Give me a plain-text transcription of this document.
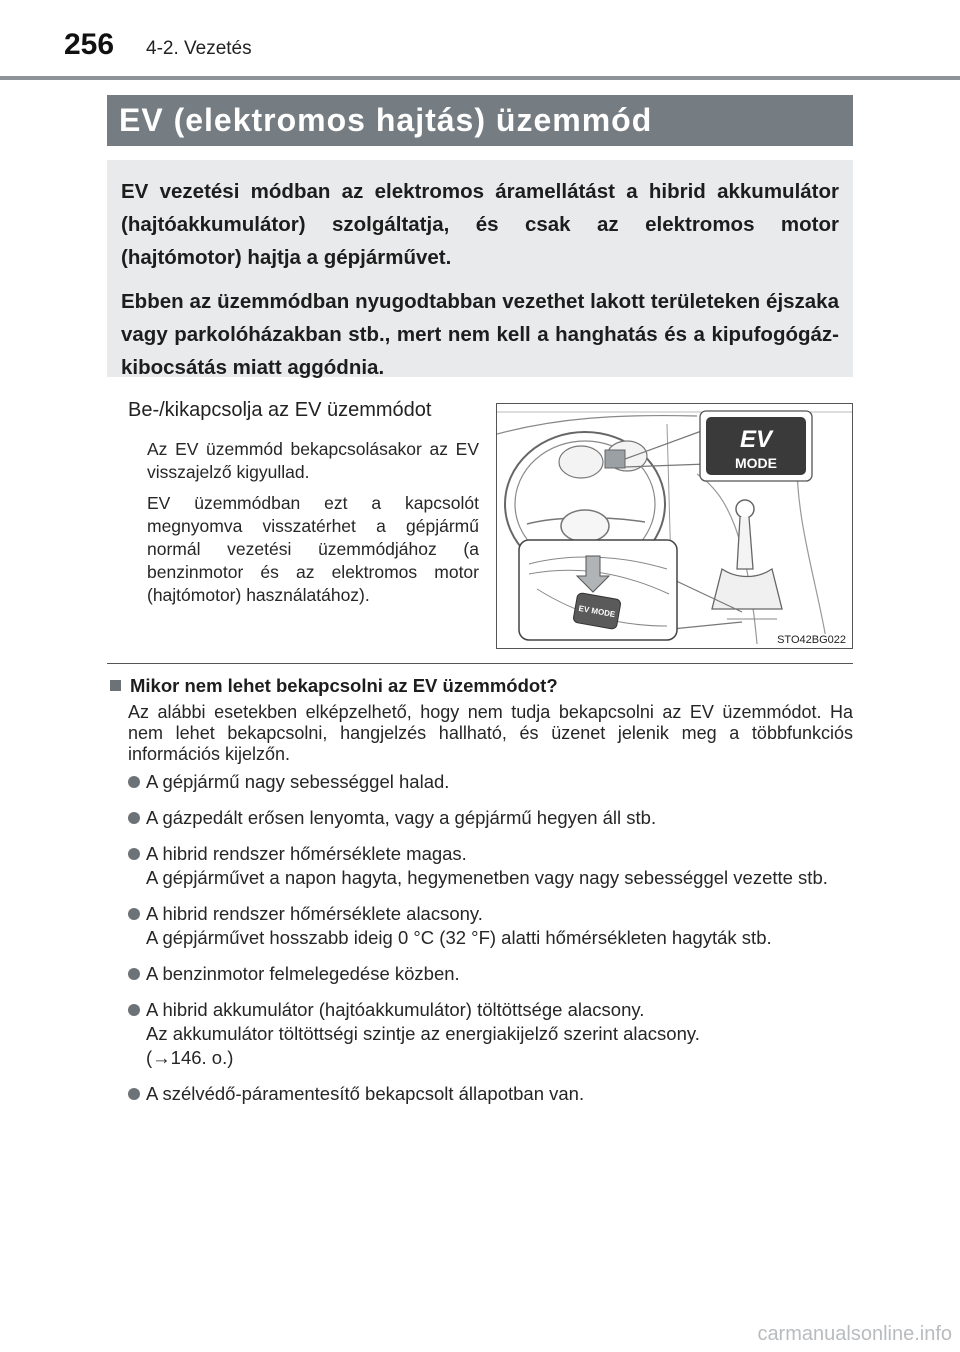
256 4-2. Vezetés
EV (elektromos hajtás) üzemmód

EV vezetési módban az elektromos áramellátást a hibrid akkumulátor (hajtóakkumulátor) szolgáltatja, és csak az elektromos motor (hajtómotor) hajtja a gépjárművet.

Ebben az üzemmódban nyugodtabban vezethet lakott területeken éjszaka vagy parkolóházakban stb., mert nem kell a hanghatás és a kipufogógáz-kibocsátás miatt aggódnia.

Be-/kikapcsolja az EV üzemmódot
Az EV üzemmód bekapcsolásakor az EV visszajelző kigyullad.
EV üzemmódban ezt a kapcsolót megnyomva visszatérhet a gépjármű normál vezetési üzemmódjához (a benzinmotor és az elektromos motor (hajtómotor) használatához).
EV
MODE
EV MODE
STO42BG022
Mikor nem lehet bekapcsolni az EV üzemmódot?
Az alábbi esetekben elképzelhető, hogy nem tudja bekapcsolni az EV üzemmódot. Ha nem lehet bekapcsolni, hangjelzés hallható, és üzenet jelenik meg a többfunkciós információs kijelzőn.
A gépjármű nagy sebességgel halad.
A gázpedált erősen lenyomta, vagy a gépjármű hegyen áll stb.
A hibrid rendszer hőmérséklete magas.
A gépjárművet a napon hagyta, hegymenetben vagy nagy sebességgel vezette stb.
A hibrid rendszer hőmérséklete alacsony.
A gépjárművet hosszabb ideig 0 °C (32 °F) alatti hőmérsékleten hagyták stb.
A benzinmotor felmelegedése közben.
A hibrid akkumulátor (hajtóakkumulátor) töltöttsége alacsony.
Az akkumulátor töltöttségi szintje az energiakijelző szerint alacsony.
(→146. o.)
A szélvédő-páramentesítő bekapcsolt állapotban van.
carmanualsonline.info
